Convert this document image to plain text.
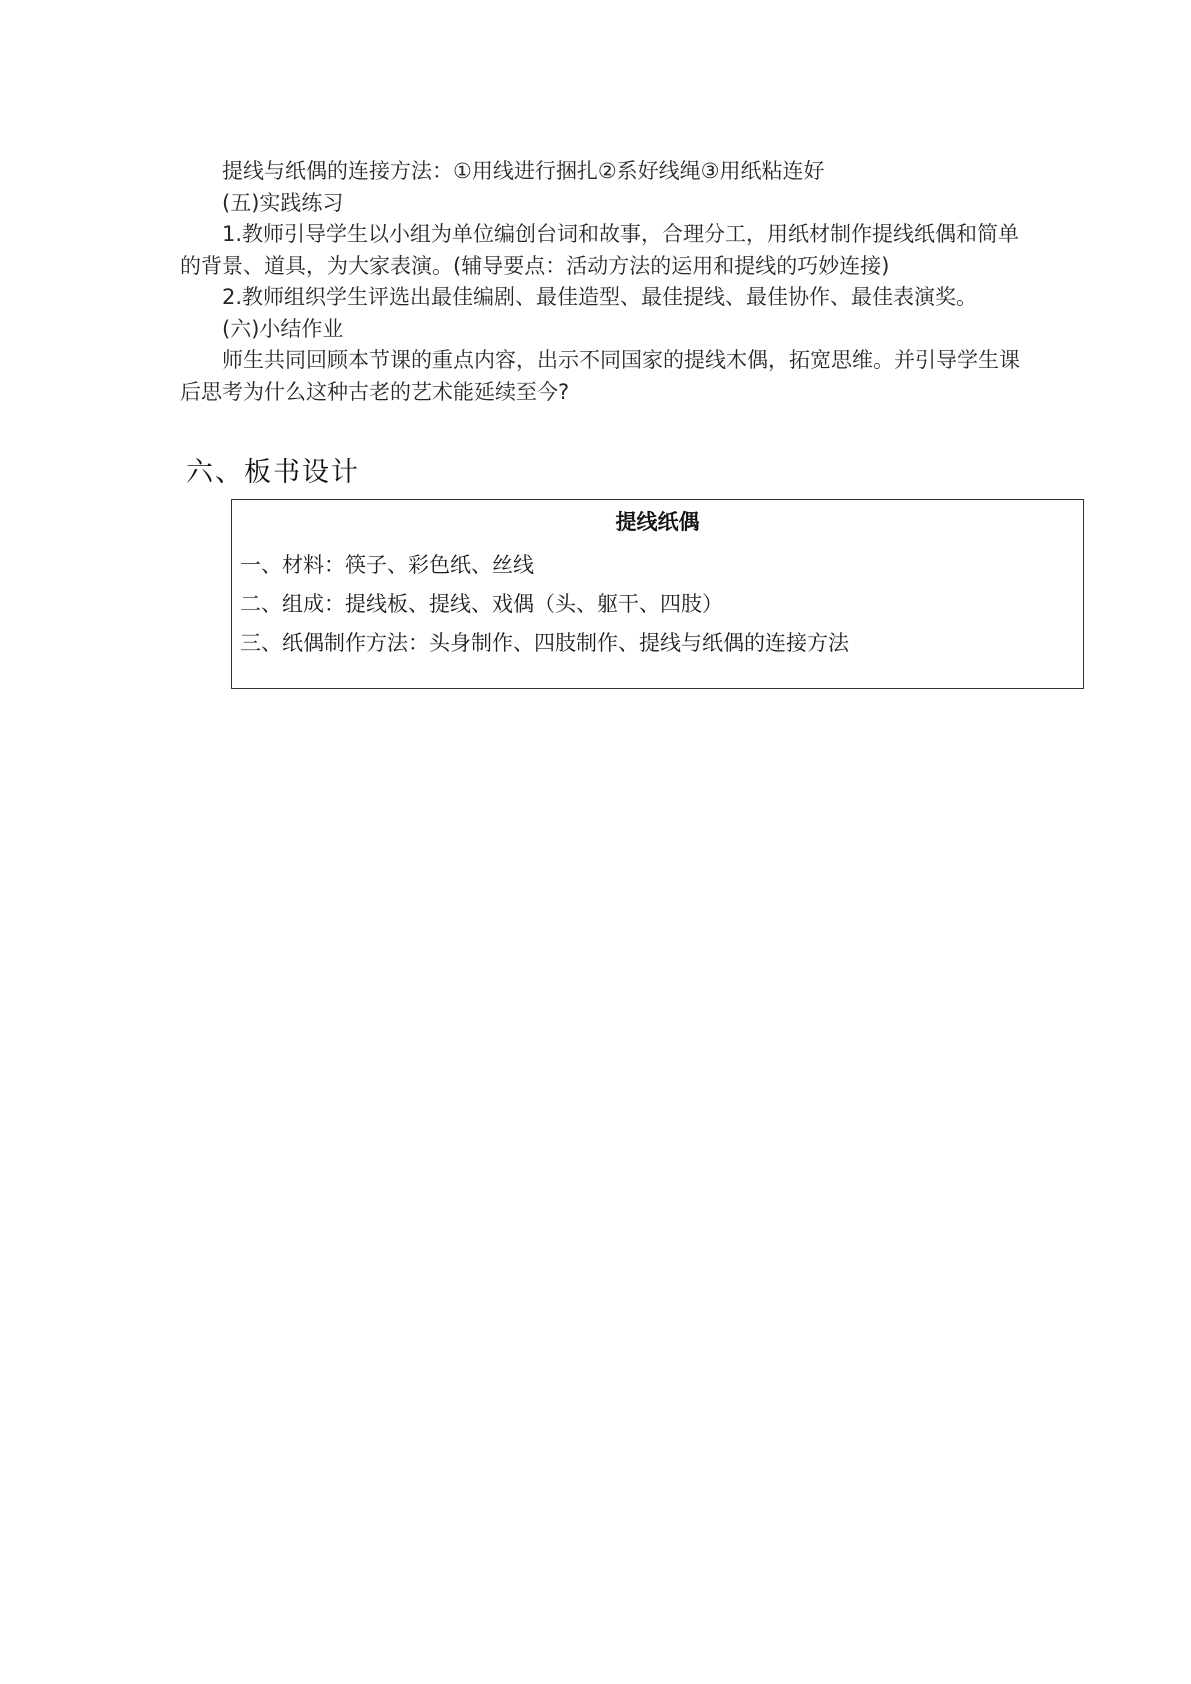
提线与纸偶的连接方法：①用线进行捆扎②系好线绳③用纸粘连好

(五)实践练习

1.教师引导学生以小组为单位编创台词和故事，合理分工，用纸材制作提线纸偶和简单的背景、道具，为大家表演。(辅导要点：活动方法的运用和提线的巧妙连接)

2.教师组织学生评选出最佳编剧、最佳造型、最佳提线、最佳协作、最佳表演奖。

(六)小结作业

师生共同回顾本节课的重点内容，出示不同国家的提线木偶，拓宽思维。并引导学生课后思考为什么这种古老的艺术能延续至今?

六、板书设计
提线纸偶
一、材料：筷子、彩色纸、丝线
二、组成：提线板、提线、戏偶（头、躯干、四肢）
三、纸偶制作方法：头身制作、四肢制作、提线与纸偶的连接方法
